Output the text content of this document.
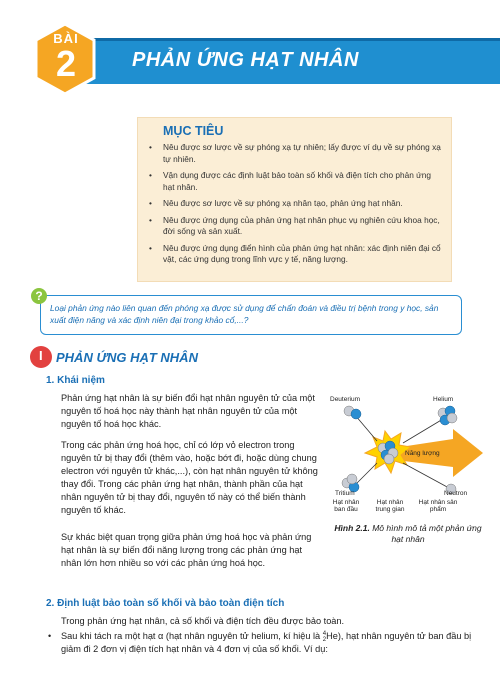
BÀI
2	PHẢN ỨNG HẠT NHÂN
MỤC TIÊU
• Nêu được sơ lược về sự phóng xạ tự nhiên; lấy được ví dụ về sự phóng xạ tự nhiên.
• Vận dụng được các định luật bảo toàn số khối và điện tích cho phản ứng hạt nhân.
• Nêu được sơ lược về sự phóng xạ nhân tạo, phản ứng hạt nhân.
• Nêu được ứng dụng của phản ứng hạt nhân phục vụ nghiên cứu khoa học, đời sống và sản xuất.
• Nêu được ứng dụng điển hình của phản ứng hạt nhân: xác định niên đại cổ vật, các ứng dụng trong lĩnh vực y tế, năng lượng.
?
Loại phản ứng nào liên quan đến phóng xạ được sử dụng để chẩn đoán và điều trị bệnh trong y học, sản xuất điện năng và xác định niên đại trong khảo cổ,...?
I PHẢN ỨNG HẠT NHÂN
1. Khái niệm
Phản ứng hạt nhân là sự biến đổi hạt nhân nguyên tử của một nguyên tố hoá học này thành hạt nhân nguyên tử của một nguyên tố hoá học khác.
Trong các phản ứng hoá học, chỉ có lớp vỏ electron trong nguyên tử bị thay đổi (thêm vào, hoặc bớt đi, hoặc dùng chung electron với nguyên tử khác,...), còn hạt nhân nguyên tử không thay đổi. Trong các phản ứng hạt nhân, thành phần của hạt nhân nguyên tử bị thay đổi, nguyên tố này có thể biến thành nguyên tố khác.
Sự khác biệt quan trọng giữa phản ứng hoá học và phản ứng hạt nhân là sự biến đổi năng lượng trong các phản ứng hạt nhân lớn hơn nhiều so với các phản ứng hoá học.
Deuterium	Helium
Năng lượng
Tritium	Neutron
Hạt nhân ban đầu
Hạt nhân trung gian
Hạt nhân sản phẩm
Hình 2.1. Mô hình mô tả một phản ứng hạt nhân
2. Định luật bảo toàn số khối và bảo toàn điện tích
Trong phản ứng hạt nhân, cả số khối và điện tích đều được bảo toàn.
• Sau khi tách ra một hạt α (hạt nhân nguyên tử helium, kí hiệu là 4
2 He), hạt nhân nguyên tử ban đầu bị giảm đi 2 đơn vị điện tích hạt nhân và 4 đơn vị của số khối. Ví dụ:
